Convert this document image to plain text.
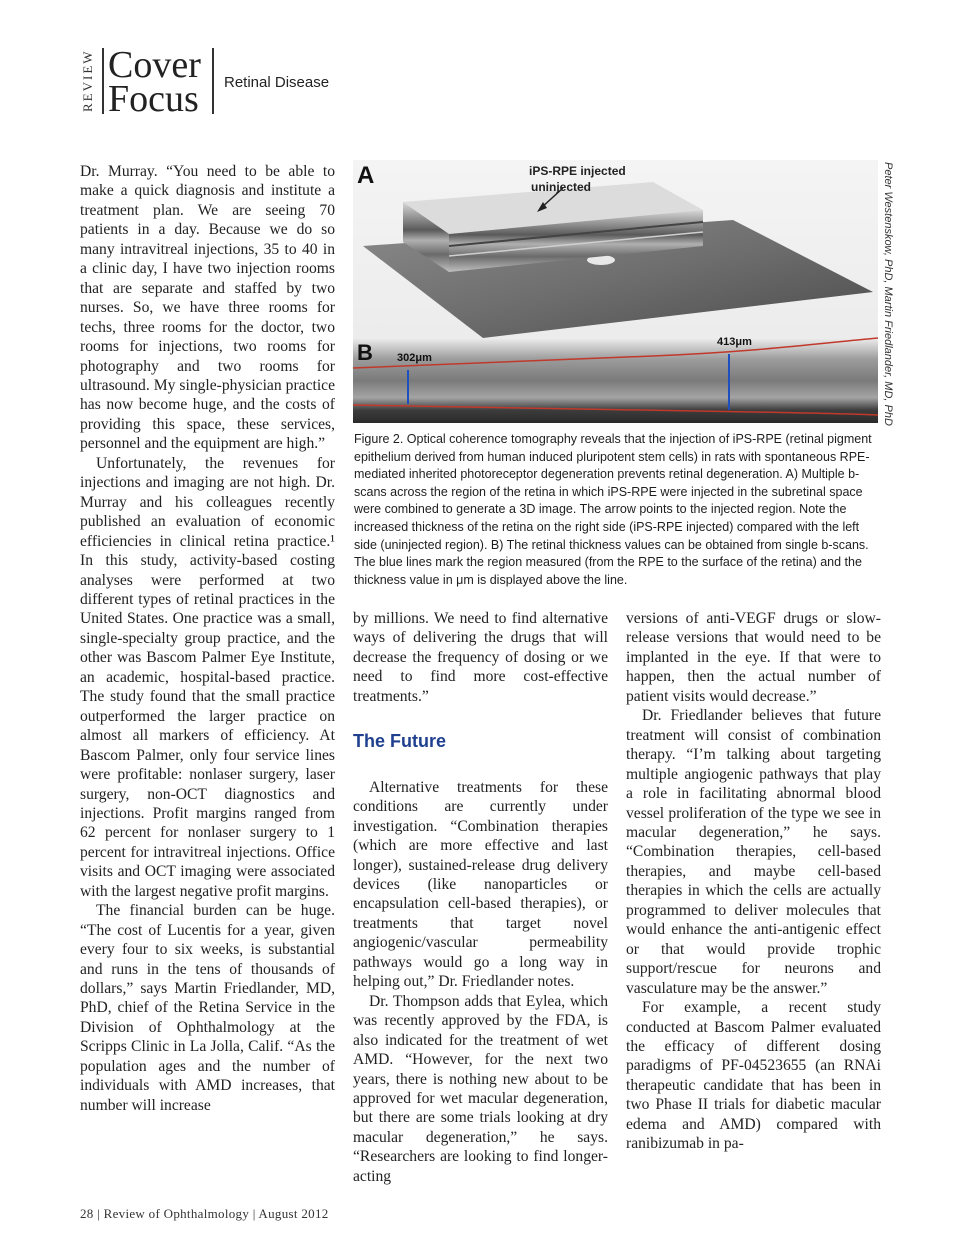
REVIEW Cover
Focus Retinal Disease

Dr. Murray. “You need to be able to make a quick diagnosis and institute a treatment plan. We are seeing 70 patients in a day. Because we do so many intravitreal injections, 35 to 40 in a clinic day, I have two injection rooms that are separate and staffed by two nurses. So, we have three rooms for techs, three rooms for the doctor, two rooms for injections, two rooms for photography and two rooms for ultrasound. My single-physician practice has now become huge, and the costs of providing this space, these services, personnel and the equipment are high.”

Unfortunately, the revenues for injections and imaging are not high. Dr. Murray and his colleagues recently published an evaluation of economic efficiencies in clinical retina practice.¹ In this study, activity-based costing analyses were performed at two different types of retinal practices in the United States. One practice was a small, single-specialty group practice, and the other was Bascom Palmer Eye Institute, an academic, hospital-based practice. The study found that the small practice outperformed the larger practice on almost all markers of efficiency. At Bascom Palmer, only four service lines were profitable: nonlaser surgery, laser surgery, non-OCT diagnostics and injections. Profit margins ranged from 62 percent for nonlaser surgery to 1 percent for intravitreal injections. Office visits and OCT imaging were associated with the largest negative profit margins.

The financial burden can be huge. “The cost of Lucentis for a year, given every four to six weeks, is substantial and runs in the tens of thousands of dollars,” says Martin Friedlander, MD, PhD, chief of the Retina Service in the Division of Ophthalmology at the Scripps Clinic in La Jolla, Calif. “As the population ages and the number of individuals with AMD increases, that number will increase

A	uninjected
iPS-RPE injected
B 302μm
413μm	Peter Westenskow, PhD, Martin Friedlander, MD, PhD
Figure 2. Optical coherence tomography reveals that the injection of iPS-RPE (retinal pigment epithelium derived from human induced pluripotent stem cells) in rats with spontaneous RPE-mediated inherited photoreceptor degeneration prevents retinal degeneration. A) Multiple b-scans across the region of the retina in which iPS-RPE were injected in the subretinal space were combined to generate a 3D image. The arrow points to the injected region. Note the increased thickness of the retina on the right side (iPS-RPE injected) compared with the left side (uninjected region). B) The retinal thickness values can be obtained from single b-scans. The blue lines mark the region measured (from the RPE to the surface of the retina) and the thickness value in μm is displayed above the line.

by millions. We need to find alternative ways of delivering the drugs that will decrease the frequency of dosing or we need to find more cost-effective treatments.”

The Future

Alternative treatments for these conditions are currently under investigation. “Combination therapies (which are more effective and last longer), sustained-release drug delivery devices (like nanoparticles or encapsulation cell-based therapies), or treatments that target novel angiogenic/vascular permeability pathways would go a long way in helping out,” Dr. Friedlander notes.

Dr. Thompson adds that Eylea, which was recently approved by the FDA, is also indicated for the treatment of wet AMD. “However, for the next two years, there is nothing new about to be approved for wet macular degeneration, but there are some trials looking at dry macular degeneration,” he says. “Researchers are looking to find longer-acting

versions of anti-VEGF drugs or slow-release versions that would need to be implanted in the eye. If that were to happen, then the actual number of patient visits would decrease.”

Dr. Friedlander believes that future treatment will consist of combination therapy. “I’m talking about targeting multiple angiogenic pathways that play a role in facilitating abnormal blood vessel proliferation of the type we see in macular degeneration,” he says. “Combination therapies, cell-based therapies, and maybe cell-based therapies in which the cells are actually programmed to deliver molecules that would enhance the anti-antigenic effect or that would provide trophic support/rescue for neurons and vasculature may be the answer.”

For example, a recent study conducted at Bascom Palmer evaluated the efficacy of different dosing paradigms of PF-04523655 (an RNAi therapeutic candidate that has been in two Phase II trials for diabetic macular edema and AMD) compared with ranibizumab in pa-

28 | Review of Ophthalmology | August 2012
